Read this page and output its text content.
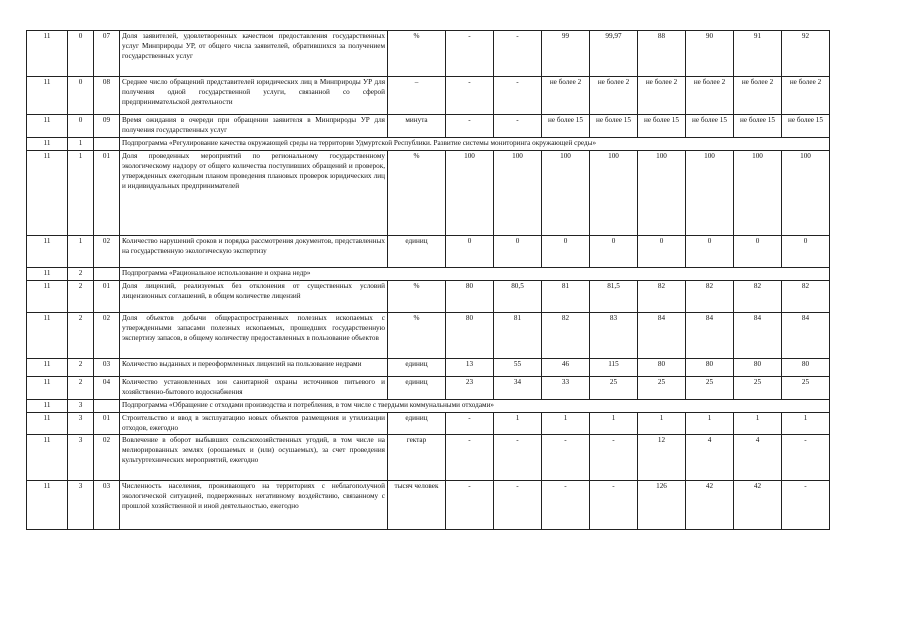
11	0	07	Доля заявителей, удовлетворенных качеством предоставления государственных услуг Минприроды УР, от общего числа заявителей, обратившихся за получением государственных услуг	%	-	-	99	99,97	88	90	91	92
11	0	08	Среднее число обращений представителей юридических лиц в Минприроды УР для получения одной государственной услуги, связанной со сферой предпринимательской деятельности	–	-	-	не более 2	не более 2	не более 2	не более 2	не более 2	не более 2
11	0	09	Время ожидания в очереди при обращении заявителя в Минприроды УР для получения государственных услуг	минута	-	-	не более 15	не более 15	не более 15	не более 15	не более 15	не более 15
11	1		Подпрограмма «Регулирование качества окружающей среды на территории Удмуртской Республики. Развитие системы мониторинга окружающей среды»									
11	1	01	Доля проведенных мероприятий по региональному государственному экологическому надзору от общего количества поступивших обращений и проверок, утвержденных ежегодным планом проведения плановых проверок юридических лиц и индивидуальных предпринимателей	%	100	100	100	100	100	100	100	100
11	1	02	Количество нарушений сроков и порядка рассмотрения документов, представленных на государственную экологическую экспертизу	единиц	0	0	0	0	0	0	0	0
11	2		Подпрограмма «Рациональное использование и охрана недр»									
11	2	01	Доля лицензий, реализуемых без отклонения от существенных условий лицензионных соглашений, в общем количестве лицензий	%	80	80,5	81	81,5	82	82	82	82
11	2	02	Доля объектов добычи общераспространенных полезных ископаемых с утвержденными запасами полезных ископаемых, прошедших государственную экспертизу запасов, в общему количеству предоставленных в пользование объектов	%	80	81	82	83	84	84	84	84
11	2	03	Количество выданных и переоформленных лицензий на пользование недрами	единиц	13	55	46	115	80	80	80	80
11	2	04	Количество установленных зон санитарной охраны источников питьевого и хозяйственно-бытового водоснабжения	единиц	23	34	33	25	25	25	25	25
11	3		Подпрограмма «Обращение с отходами производства и потребления, в том числе с твердыми коммунальными отходами»									
11	3	01	Строительство и ввод в эксплуатацию новых объектов размещения и утилизации отходов, ежегодно	единиц	-	1	1	1	1	1	1	1
11	3	02	Вовлечение в оборот выбывших сельскохозяйственных угодий, в том числе на мелиорированных землях (орошаемых и (или) осушаемых), за счет проведения культуртехнических мероприятий, ежегодно	гектар	-	-	-	-	12	4	4	-
11	3	03	Численность населения, проживающего на территориях с неблагополучной экологической ситуацией, подверженных негативному воздействию, связанному с прошлой хозяйственной и иной деятельностью, ежегодно	тысяч человек	-	-	-	-	126	42	42	-
